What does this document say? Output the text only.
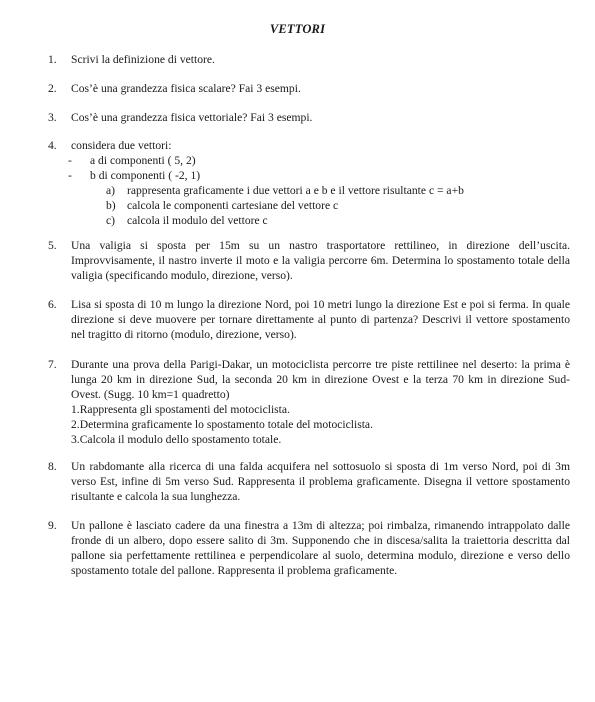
VETTORI
1.	Scrivi la definizione di vettore.
2.	Cos’è una grandezza fisica scalare? Fai 3 esempi.
3.	Cos’è una grandezza fisica vettoriale? Fai 3 esempi.
4.	considera due vettori:
- a di componenti ( 5, 2)
- b di componenti ( -2, 1)
a) rappresenta graficamente i due vettori a e b e il vettore risultante c = a+b
b) calcola le componenti cartesiane del vettore c
c) calcola il modulo del vettore c
5.	Una valigia si sposta per 15m su un nastro trasportatore rettilineo, in direzione dell’uscita. Improvvisamente, il nastro inverte il moto e la valigia percorre 6m. Determina lo spostamento totale della valigia (specificando modulo, direzione, verso).
6.	Lisa si sposta di 10 m lungo la direzione Nord, poi 10 metri lungo la direzione Est e poi si ferma. In quale direzione si deve muovere per tornare direttamente al punto di partenza? Descrivi il vettore spostamento nel tragitto di ritorno (modulo, direzione, verso).
7.	Durante una prova della Parigi-Dakar, un motociclista percorre tre piste rettilinee nel deserto: la prima è lunga 20 km in direzione Sud, la seconda 20 km in direzione Ovest e la terza 70 km in direzione Sud-Ovest. (Sugg. 10 km=1 quadretto)
1.Rappresenta gli spostamenti del motociclista.
2.Determina graficamente lo spostamento totale del motociclista.
3.Calcola il modulo dello spostamento totale.
8.	Un rabdomante alla ricerca di una falda acquifera nel sottosuolo si sposta di 1m verso Nord, poi di 3m verso Est, infine di 5m verso Sud. Rappresenta il problema graficamente. Disegna il vettore spostamento risultante e calcola la sua lunghezza.
9.	Un pallone è lasciato cadere da una finestra a 13m di altezza; poi rimbalza, rimanendo intrappolato dalle fronde di un albero, dopo essere salito di 3m. Supponendo che in discesa/salita la traiettoria descritta dal pallone sia perfettamente rettilinea e perpendicolare al suolo, determina modulo, direzione e verso dello spostamento totale del pallone. Rappresenta il problema graficamente.
